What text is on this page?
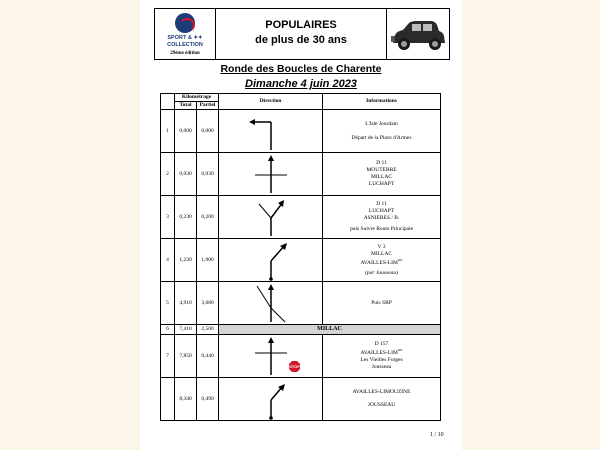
SPORT & ✦✦
COLLECTION
29ème édition
POPULAIRES
de plus de 30 ans
Ronde des Boucles de Charente
Dimanche 4 juin 2023
	Kilométrage		Direction	Informations
	Total	Partiel		
1	0,000	0,000		L'Isle Jourdain
Départ de la Place d'Armes

2	0,030	0,030		D 11
MOUTERRE
MILLAC
LUCHAPT

3	0,230	0,200		D 11
LUCHAPT
ASNIERES / B.
puis Suivre Route Principale

4	1,230	1,000		V 3
MILLAC
AVAILLES-$LIM^{NE}$
(par Jousseau)

5	4,910	3,680		Puis SRP

6	7,410	2,500	MILLAC	
7	7,850	0,440	STOP	D 157
AVAILLES-$LIM^{NE}$
Les Vieilles Forges
Jousseau

	8,340	0,490		AVAILLES-LIMOUZINE
JOUSSEAU
1 / 10
